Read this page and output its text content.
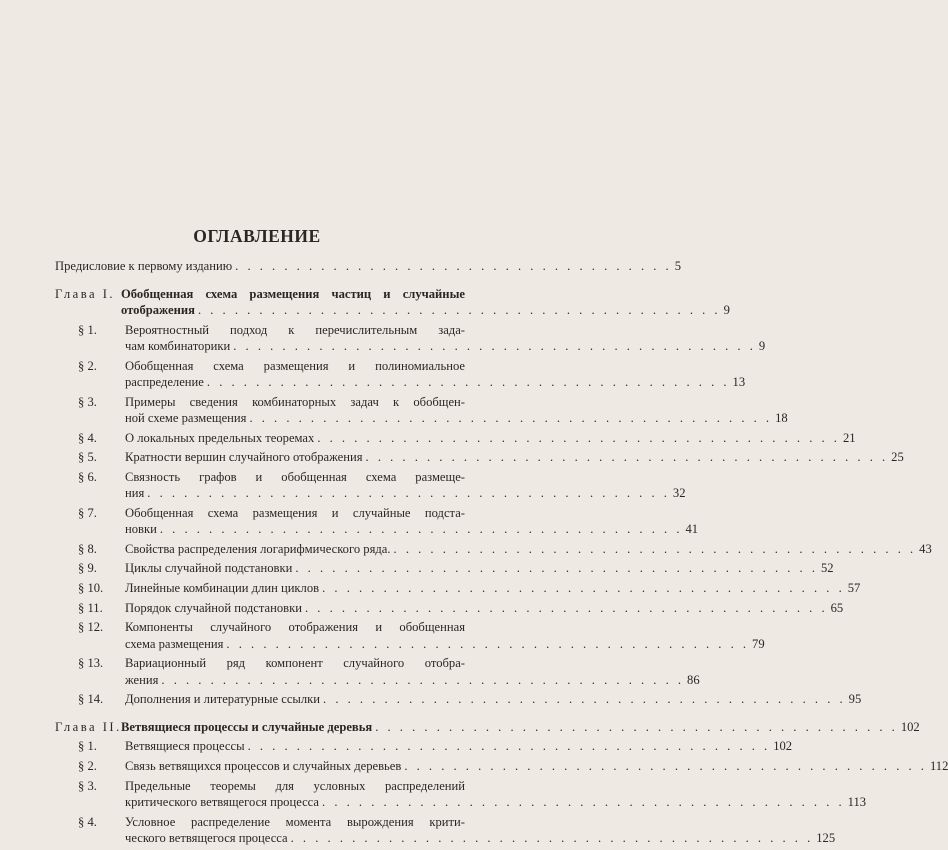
ОГЛАВЛЕНИЕ
Предисловие к первому изданию . . . . . . . . . . . . . . . . . . . . . . . . . . . . . . . . . . . . 5
Глава I. Обобщенная схема размещения частиц и случайные
отображения . . . . . . . . . . . . . . . . . . . . . . . . . . . . . . . . . . . . . . . . . . . 9
§ 1.	Вероятностный подход к перечислительным зада-
чам комбинаторики . . . . . . . . . . . . . . . . . . . . . . . . . . . . . . . . . . . . . . . . . . . 9
§ 2.	Обобщенная схема размещения и полиномиальное
распределение . . . . . . . . . . . . . . . . . . . . . . . . . . . . . . . . . . . . . . . . . . . 13
§ 3.	Примеры сведения комбинаторных задач к обобщен-
ной схеме размещения . . . . . . . . . . . . . . . . . . . . . . . . . . . . . . . . . . . . . . . . . . . 18
§ 4.	О локальных предельных теоремах . . . . . . . . . . . . . . . . . . . . . . . . . . . . . . . . . . . . . . . . . . . 21
§ 5.	Кратности вершин случайного отображения . . . . . . . . . . . . . . . . . . . . . . . . . . . . . . . . . . . . . . . . . . . 25
§ 6.	Связность графов и обобщенная схема размеще-
ния . . . . . . . . . . . . . . . . . . . . . . . . . . . . . . . . . . . . . . . . . . . 32
§ 7.	Обобщенная схема размещения и случайные подста-
новки . . . . . . . . . . . . . . . . . . . . . . . . . . . . . . . . . . . . . . . . . . . 41
§ 8.	Свойства распределения логарифмического ряда. . . . . . . . . . . . . . . . . . . . . . . . . . . . . . . . . . . . . . . . . . . . 43
§ 9.	Циклы случайной подстановки . . . . . . . . . . . . . . . . . . . . . . . . . . . . . . . . . . . . . . . . . . . 52
§ 10.	Линейные комбинации длин циклов . . . . . . . . . . . . . . . . . . . . . . . . . . . . . . . . . . . . . . . . . . . 57
§ 11.	Порядок случайной подстановки . . . . . . . . . . . . . . . . . . . . . . . . . . . . . . . . . . . . . . . . . . . 65
§ 12.	Компоненты случайного отображения и обобщенная
схема размещения . . . . . . . . . . . . . . . . . . . . . . . . . . . . . . . . . . . . . . . . . . . 79
§ 13.	Вариационный ряд компонент случайного отобра-
жения . . . . . . . . . . . . . . . . . . . . . . . . . . . . . . . . . . . . . . . . . . . 86
§ 14.	Дополнения и литературные ссылки . . . . . . . . . . . . . . . . . . . . . . . . . . . . . . . . . . . . . . . . . . . 95
Глава II. Ветвящиеся процессы и случайные деревья . . . . . . . . . . . . . . . . . . . . . . . . . . . . . . . . . . . . . . . . . . . 102
§ 1.	Ветвящиеся процессы . . . . . . . . . . . . . . . . . . . . . . . . . . . . . . . . . . . . . . . . . . . 102
§ 2.	Связь ветвящихся процессов и случайных деревьев . . . . . . . . . . . . . . . . . . . . . . . . . . . . . . . . . . . . . . . . . . . 112
§ 3.	Предельные теоремы для условных распределений
критического ветвящегося процесса . . . . . . . . . . . . . . . . . . . . . . . . . . . . . . . . . . . . . . . . . . . 113
§ 4.	Условное распределение момента вырождения крити-
ческого ветвящегося процесса . . . . . . . . . . . . . . . . . . . . . . . . . . . . . . . . . . . . . . . . . . . 125
